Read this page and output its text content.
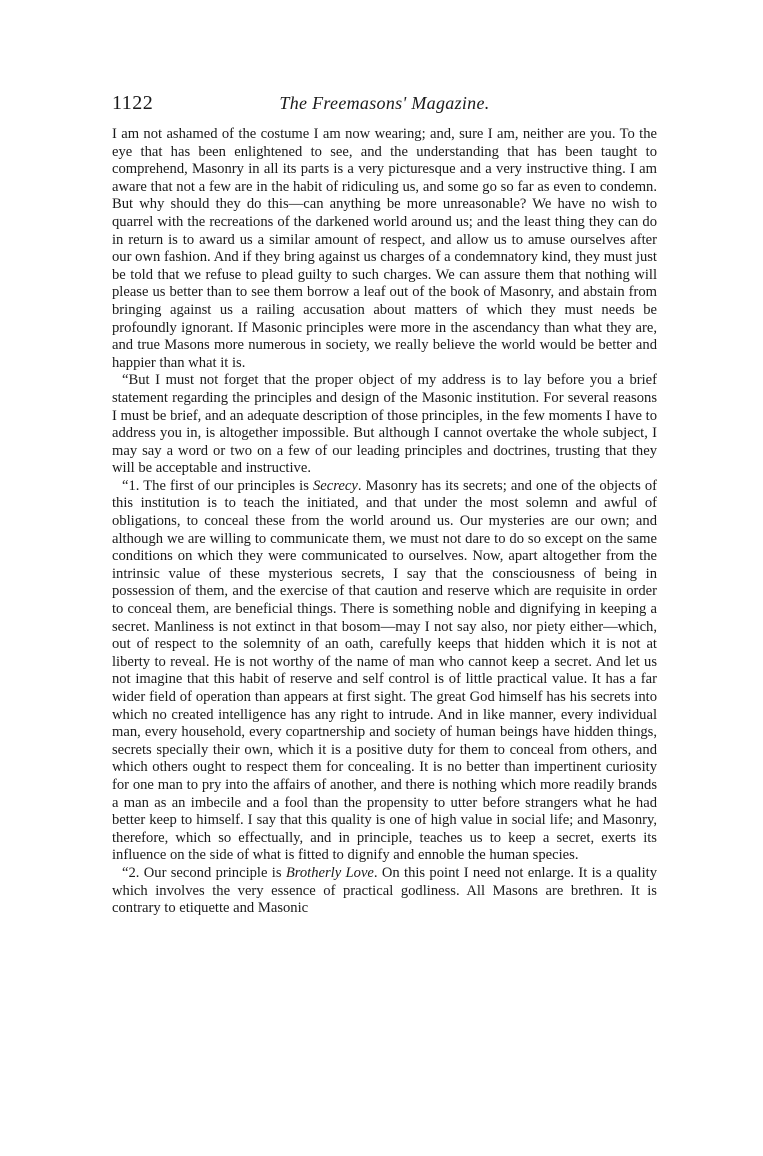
1122	The Freemasons' Magazine.

I am not ashamed of the costume I am now wearing; and, sure I am, neither are you. To the eye that has been enlightened to see, and the understanding that has been taught to comprehend, Masonry in all its parts is a very picturesque and a very instructive thing. I am aware that not a few are in the habit of ridiculing us, and some go so far as even to condemn. But why should they do this—can anything be more unreasonable? We have no wish to quarrel with the recreations of the darkened world around us; and the least thing they can do in return is to award us a similar amount of respect, and allow us to amuse ourselves after our own fashion. And if they bring against us charges of a condemnatory kind, they must just be told that we refuse to plead guilty to such charges. We can assure them that nothing will please us better than to see them borrow a leaf out of the book of Masonry, and abstain from bringing against us a railing accusation about matters of which they must needs be profoundly ignorant. If Masonic principles were more in the ascendancy than what they are, and true Masons more numerous in society, we really believe the world would be better and happier than what it is.

“But I must not forget that the proper object of my address is to lay before you a brief statement regarding the principles and design of the Masonic institution. For several reasons I must be brief, and an adequate description of those principles, in the few moments I have to address you in, is altogether impossible. But although I cannot overtake the whole subject, I may say a word or two on a few of our leading principles and doctrines, trusting that they will be acceptable and instructive.

“1. The first of our principles is Secrecy. Masonry has its secrets; and one of the objects of this institution is to teach the initiated, and that under the most solemn and awful of obligations, to conceal these from the world around us. Our mysteries are our own; and although we are willing to communicate them, we must not dare to do so except on the same conditions on which they were communicated to ourselves. Now, apart altogether from the intrinsic value of these mysterious secrets, I say that the consciousness of being in possession of them, and the exercise of that caution and reserve which are requisite in order to conceal them, are beneficial things. There is something noble and dignifying in keeping a secret. Manliness is not extinct in that bosom—may I not say also, nor piety either—which, out of respect to the solemnity of an oath, carefully keeps that hidden which it is not at liberty to reveal. He is not worthy of the name of man who cannot keep a secret. And let us not imagine that this habit of reserve and self control is of little practical value. It has a far wider field of operation than appears at first sight. The great God himself has his secrets into which no created intelligence has any right to intrude. And in like manner, every individual man, every household, every copartnership and society of human beings have hidden things, secrets specially their own, which it is a positive duty for them to conceal from others, and which others ought to respect them for concealing. It is no better than impertinent curiosity for one man to pry into the affairs of another, and there is nothing which more readily brands a man as an imbecile and a fool than the propensity to utter before strangers what he had better keep to himself. I say that this quality is one of high value in social life; and Masonry, therefore, which so effectually, and in principle, teaches us to keep a secret, exerts its influence on the side of what is fitted to dignify and ennoble the human species.

“2. Our second principle is Brotherly Love. On this point I need not enlarge. It is a quality which involves the very essence of practical godliness. All Masons are brethren. It is contrary to etiquette and Masonic
